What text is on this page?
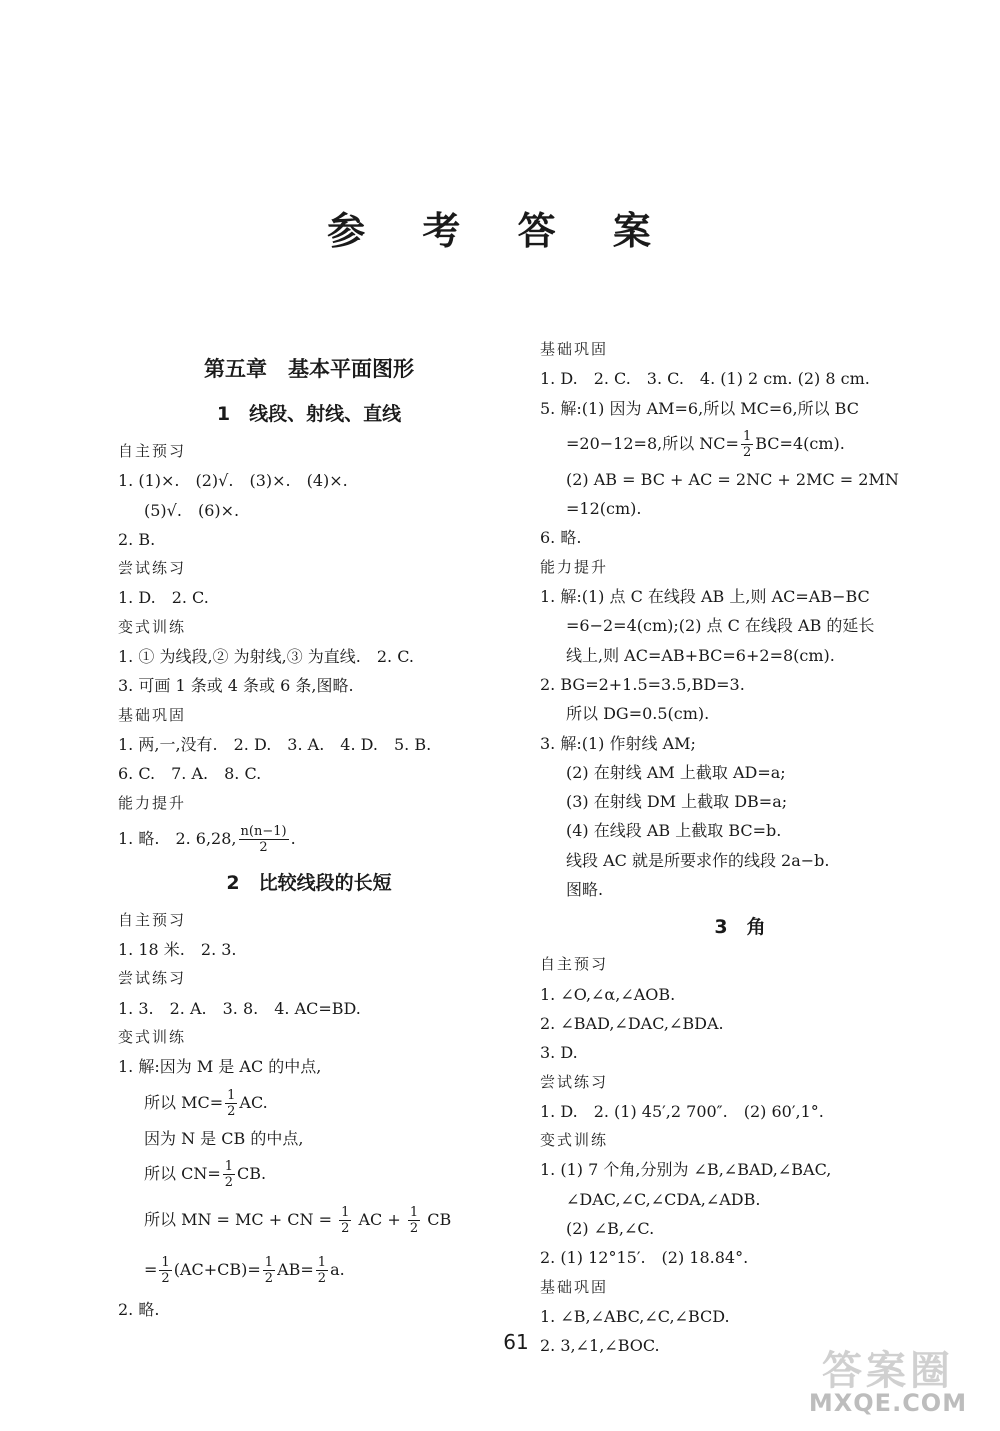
参 考 答 案
第五章　基本平面图形
1　线段、射线、直线
自主预习
1. (1)×.　(2)√.　(3)×.　(4)×.
(5)√.　(6)×.
2. B.
尝试练习
1. D.　2. C.
变式训练
1. ① 为线段,② 为射线,③ 为直线.　2. C.
3. 可画 1 条或 4 条或 6 条,图略.
基础巩固
1. 两,一,没有.　2. D.　3. A.　4. D.　5. B.
6. C.　7. A.　8. C.
能力提升
1. 略.　2. 6,28, $\frac{n(n-1)}{2}$ .
2　比较线段的长短
自主预习
1. 18 米.　2. 3.
尝试练习
1. 3.　2. A.　3. 8.　4. AC=BD.
变式训练
1. 解:因为 M 是 AC 的中点,
所以 $MC= \frac{1}{2}$ AC.
因为 N 是 CB 的中点,
所以 $CN= \frac{1}{2}$ CB.
所以 MN = MC + CN = $\frac{1}{2}$ AC + $\frac{1}{2}$ CB
= $\frac{1}{2} (AC+CB)= \frac{1}{2} AB= \frac{1}{2} a$.
2. 略.
基础巩固
1. D.　2. C.　3. C.　4. (1) 2 cm. (2) 8 cm.
5. 解:(1) 因为 AM=6,所以 MC=6,所以 BC
=20−12=8,所以 $NC= \frac{1}{2} BC=4(cm)$.
(2) AB = BC + AC = 2NC + 2MC = 2MN
=12(cm).
6. 略.
能力提升
1. 解:(1) 点 C 在线段 AB 上,则 AC=AB−BC
=6−2=4(cm);(2) 点 C 在线段 AB 的延长
线上,则 AC=AB+BC=6+2=8(cm).
2. BG=2+1.5=3.5,BD=3.
所以 DG=0.5(cm).
3. 解:(1) 作射线 AM;
(2) 在射线 AM 上截取 AD=a;
(3) 在射线 DM 上截取 DB=a;
(4) 在线段 AB 上截取 BC=b.
线段 AC 就是所要求作的线段 2a−b.
图略.
3　角
自主预习
1. ∠O,∠α,∠AOB.
2. ∠BAD,∠DAC,∠BDA.
3. D.
尝试练习
1. D.　2. (1) 45′,2 700″.　(2) 60′,1°.
变式训练
1. (1) 7 个角,分别为 ∠B,∠BAD,∠BAC,
∠DAC,∠C,∠CDA,∠ADB.
(2) ∠B,∠C.
2. (1) 12°15′.　(2) 18.84°.
基础巩固
1. ∠B,∠ABC,∠C,∠BCD.
2. 3,∠1,∠BOC.
61
答案圈
MXQE.COM
